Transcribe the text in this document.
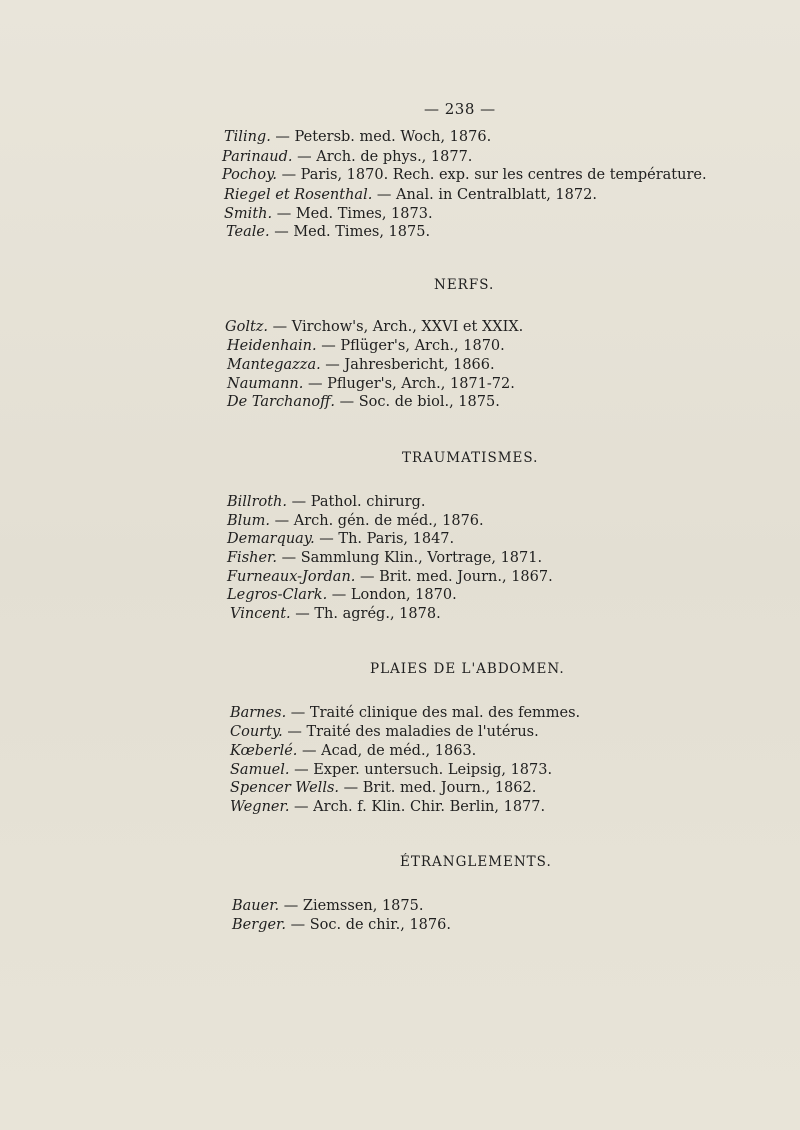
— 238 —
Tiling. — Petersb. med. Woch, 1876.
Parinaud. — Arch. de phys., 1877.
Pochoy. — Paris, 1870. Rech. exp. sur les centres de température.
Riegel et Rosenthal. — Anal. in Centralblatt, 1872.
Smith. — Med. Times, 1873.
Teale. — Med. Times, 1875.
NERFS.
Goltz. — Virchow's, Arch., XXVI et XXIX.
Heidenhain. — Pflüger's, Arch., 1870.
Mantegazza. — Jahresbericht, 1866.
Naumann. — Pfluger's, Arch., 1871-72.
De Tarchanoff. — Soc. de biol., 1875.
TRAUMATISMES.
Billroth. — Pathol. chirurg.
Blum. — Arch. gén. de méd., 1876.
Demarquay. — Th. Paris, 1847.
Fisher. — Sammlung Klin., Vortrage, 1871.
Furneaux-Jordan. — Brit. med. Journ., 1867.
Legros-Clark. — London, 1870.
Vincent. — Th. agrég., 1878.
PLAIES DE L'ABDOMEN.
Barnes. — Traité clinique des mal. des femmes.
Courty. — Traité des maladies de l'utérus.
Kœberlé. — Acad, de méd., 1863.
Samuel. — Exper. untersuch. Leipsig, 1873.
Spencer Wells. — Brit. med. Journ., 1862.
Wegner. — Arch. f. Klin. Chir. Berlin, 1877.
ÉTRANGLEMENTS.
Bauer. — Ziemssen, 1875.
Berger. — Soc. de chir., 1876.
